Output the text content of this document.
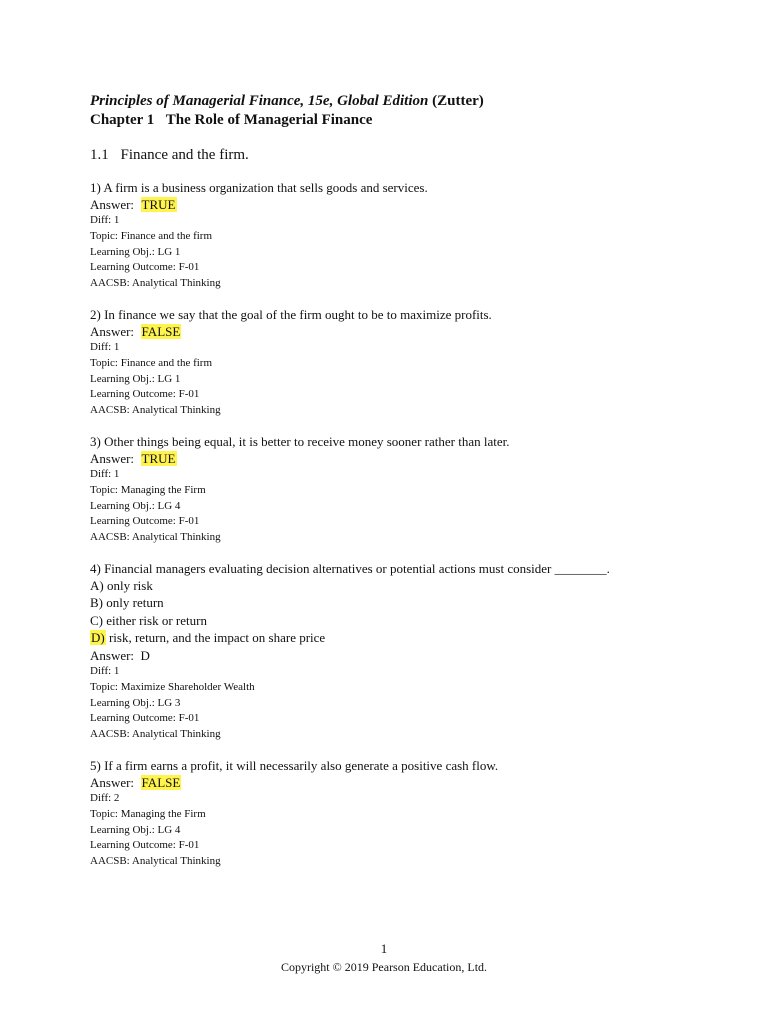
Principles of Managerial Finance, 15e, Global Edition (Zutter)
Chapter 1 The Role of Managerial Finance
1.1 Finance and the firm.
1) A firm is a business organization that sells goods and services.
Answer: TRUE
Diff: 1
Topic: Finance and the firm
Learning Obj.: LG 1
Learning Outcome: F-01
AACSB: Analytical Thinking
2) In finance we say that the goal of the firm ought to be to maximize profits.
Answer: FALSE
Diff: 1
Topic: Finance and the firm
Learning Obj.: LG 1
Learning Outcome: F-01
AACSB: Analytical Thinking
3) Other things being equal, it is better to receive money sooner rather than later.
Answer: TRUE
Diff: 1
Topic: Managing the Firm
Learning Obj.: LG 4
Learning Outcome: F-01
AACSB: Analytical Thinking
4) Financial managers evaluating decision alternatives or potential actions must consider ________.
A) only risk
B) only return
C) either risk or return
D) risk, return, and the impact on share price
Answer: D
Diff: 1
Topic: Maximize Shareholder Wealth
Learning Obj.: LG 3
Learning Outcome: F-01
AACSB: Analytical Thinking
5) If a firm earns a profit, it will necessarily also generate a positive cash flow.
Answer: FALSE
Diff: 2
Topic: Managing the Firm
Learning Obj.: LG 4
Learning Outcome: F-01
AACSB: Analytical Thinking
1
Copyright © 2019 Pearson Education, Ltd.
